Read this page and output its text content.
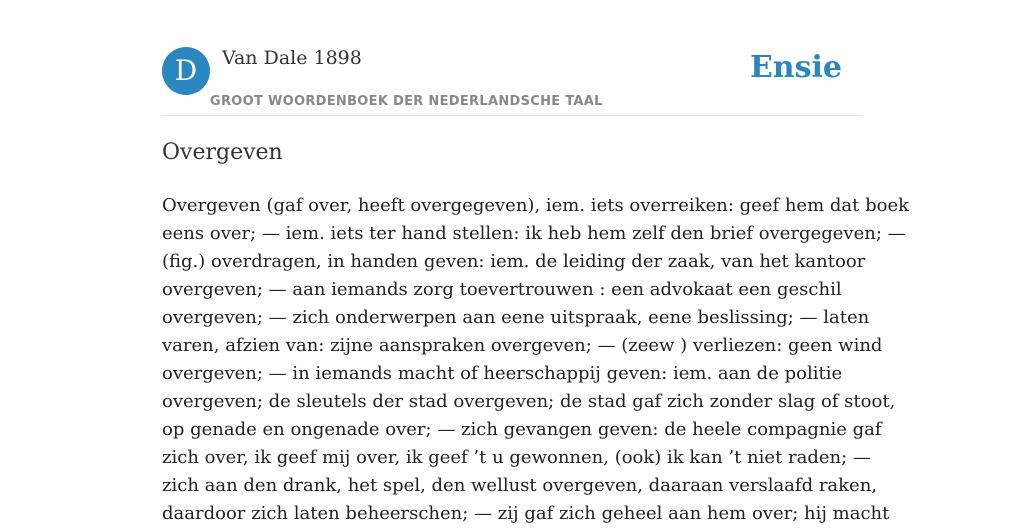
D	Van Dale 1898
GROOT WOORDENBOEK DER NEDERLANDSCHE TAAL
Ensie
Overgeven
Overgeven (gaf over, heeft overgegeven), iem. iets overreiken: geef hem dat boek
eens over; — iem. iets ter hand stellen: ik heb hem zelf den brief overgegeven; —
(fig.) overdragen, in handen geven: iem. de leiding der zaak, van het kantoor
overgeven; — aan iemands zorg toevertrouwen : een advokaat een geschil
overgeven; — zich onderwerpen aan eene uitspraak, eene beslissing; — laten
varen, afzien van: zijne aanspraken overgeven; — (zeew ) verliezen: geen wind
overgeven; — in iemands macht of heerschappij geven: iem. aan de politie
overgeven; de sleutels der stad overgeven; de stad gaf zich zonder slag of stoot,
op genade en ongenade over; — zich gevangen geven: de heele compagnie gaf
zich over, ik geef mij over, ik geef ’t u gewonnen, (ook) ik kan ’t niet raden; —
zich aan den drank, het spel, den wellust overgeven, daaraan verslaafd raken,
daardoor zich laten beheerschen; — zij gaf zich geheel aan hem over; hij macht
